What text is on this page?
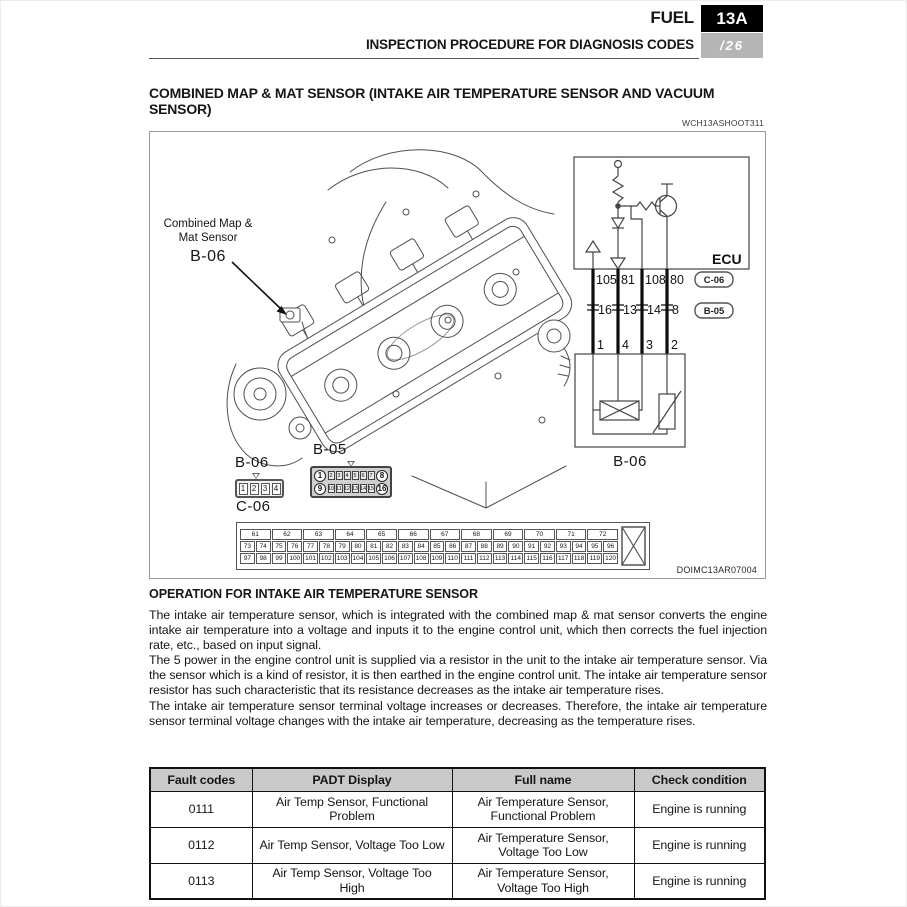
FUEL	13A
INSPECTION PROCEDURE FOR DIAGNOSIS CODES	/26
COMBINED MAP & MAT SENSOR (INTAKE AIR TEMPERATURE SENSOR AND VACUUM
SENSOR)
WCH13ASHOOT311
ECU
105 81 108 80
16 13 14 8
1 4 3 2
C-06
B-05
B-06
Combined Map &
Mat Sensor
B-06
B-06
1 2 3 4
B-05
1	2 3 4 5 6 7 8
9	10 11 12 13 14 15 16
C-06
61	62	63	64	65	66	67	68	69	70	71	72
73	74	75	76	77	78	79	80	81	82	83	84	85	86	87	88	89	90	91	92	93	94	95	96
97	98	99	100 101 102 103 104 105 106 107 108 109 110 111 112 113 114 115 116 117 118 119 120
DOIMC13AR07004
OPERATION FOR INTAKE AIR TEMPERATURE SENSOR

The intake air temperature sensor, which is integrated with the combined map & mat sensor converts the engine intake air temperature into a voltage and inputs it to the engine control unit, which then corrects the fuel injection rate, etc., based on input signal.

The 5 power in the engine control unit is supplied via a resistor in the unit to the intake air temperature sensor. Via the sensor which is a kind of resistor, it is then earthed in the engine control unit. The intake air temperature sensor resistor has such characteristic that its resistance decreases as the intake air temperature rises.

The intake air temperature sensor terminal voltage increases or decreases. Therefore, the intake air temperature sensor terminal voltage changes with the intake air temperature, decreasing as the temperature rises.

Fault codes	PADT Display	Full name	Check condition
0111	Air Temp Sensor, Functional Problem	Air Temperature Sensor, Functional Problem	Engine is running
0112	Air Temp Sensor, Voltage Too Low	Air Temperature Sensor, Voltage Too Low	Engine is running
0113	Air Temp Sensor, Voltage Too High	Air Temperature Sensor, Voltage Too High	Engine is running
